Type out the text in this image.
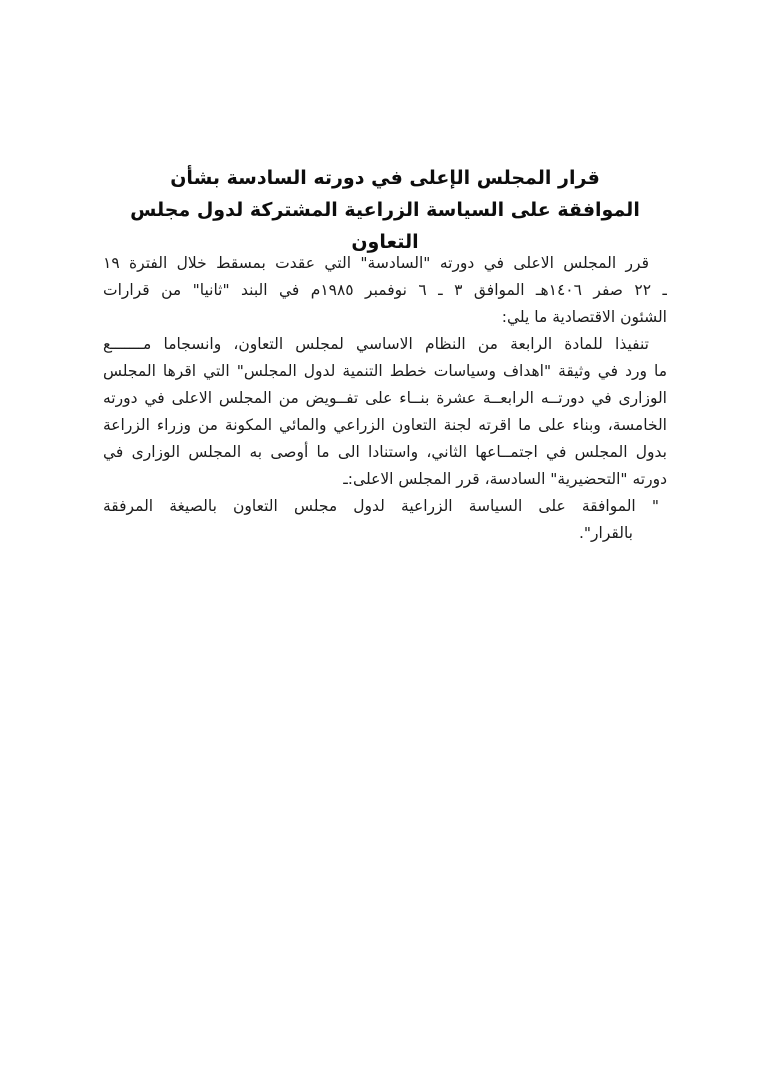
قرار المجلس الإعلى في دورته السادسة بشأن
الموافقة على السياسة الزراعية المشتركة لدول مجلس التعاون
قرر المجلس الاعلى في دورته "السادسة" التي عقدت بمسقط خلال الفترة ١٩
ـ ٢٢ صفر ١٤٠٦هـ الموافق ٣ ـ ٦ نوفمبر ١٩٨٥م في البند "ثانيا" من قرارات
الشئون الاقتصادية ما يلي:
تنفيذا للمادة الرابعة من النظام الاساسي لمجلس التعاون، وانسجاما مـــــــع
ما ورد في وثيقة "اهداف وسياسات خطط التنمية لدول المجلس" التي اقرها المجلس
الوزارى في دورتــه الرابعــة عشرة بنــاء على تفــويض من المجلس الاعلى في دورته
الخامسة، وبناء على ما اقرته لجنة التعاون الزراعي والمائي المكونة من وزراء الزراعة
بدول المجلس في اجتمــاعها الثاني، واستنادا الى ما أوصى به المجلس الوزارى في
دورته "التحضيرية" السادسة، قرر المجلس الاعلى:ـ
" الموافقة على السياسة الزراعية لدول مجلس التعاون بالصيغة المرفقة
بالقرار".
